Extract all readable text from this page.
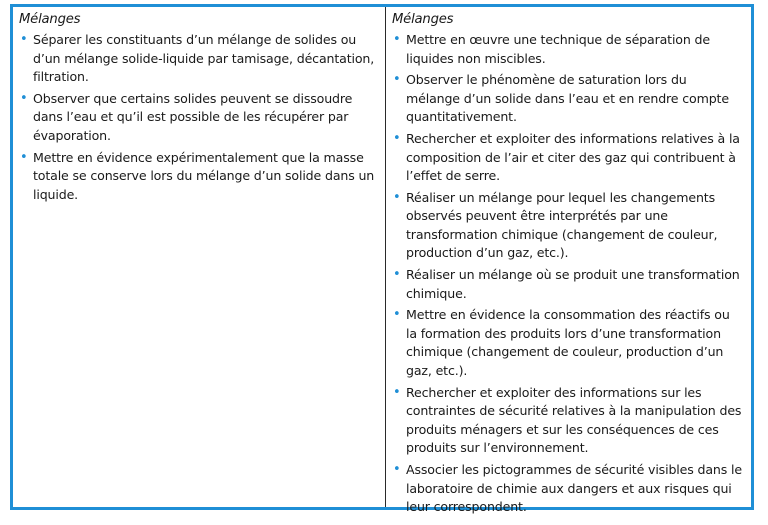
Mélanges
• Séparer les constituants d’un mélange de solides ou d’un mélange solide-liquide par tamisage, décantation, filtration.
• Observer que certains solides peuvent se dissoudre dans l’eau et qu’il est possible de les récupérer par évaporation.
• Mettre en évidence expérimentalement que la masse totale se conserve lors du mélange d’un solide dans un liquide.
Mélanges
• Mettre en œuvre une technique de séparation de liquides non miscibles.
• Observer le phénomène de saturation lors du mélange d’un solide dans l’eau et en rendre compte quantitativement.
• Rechercher et exploiter des informations relatives à la composition de l’air et citer des gaz qui contribuent à l’effet de serre.
• Réaliser un mélange pour lequel les changements observés peuvent être interprétés par une transformation chimique (changement de couleur, production d’un gaz, etc.).
• Réaliser un mélange où se produit une transformation chimique.
• Mettre en évidence la consommation des réactifs ou la formation des produits lors d’une transformation chimique (changement de couleur, production d’un gaz, etc.).
• Rechercher et exploiter des informations sur les contraintes de sécurité relatives à la manipulation des produits ménagers et sur les conséquences de ces produits sur l’environnement.
• Associer les pictogrammes de sécurité visibles dans le laboratoire de chimie aux dangers et aux risques qui leur correspondent.
